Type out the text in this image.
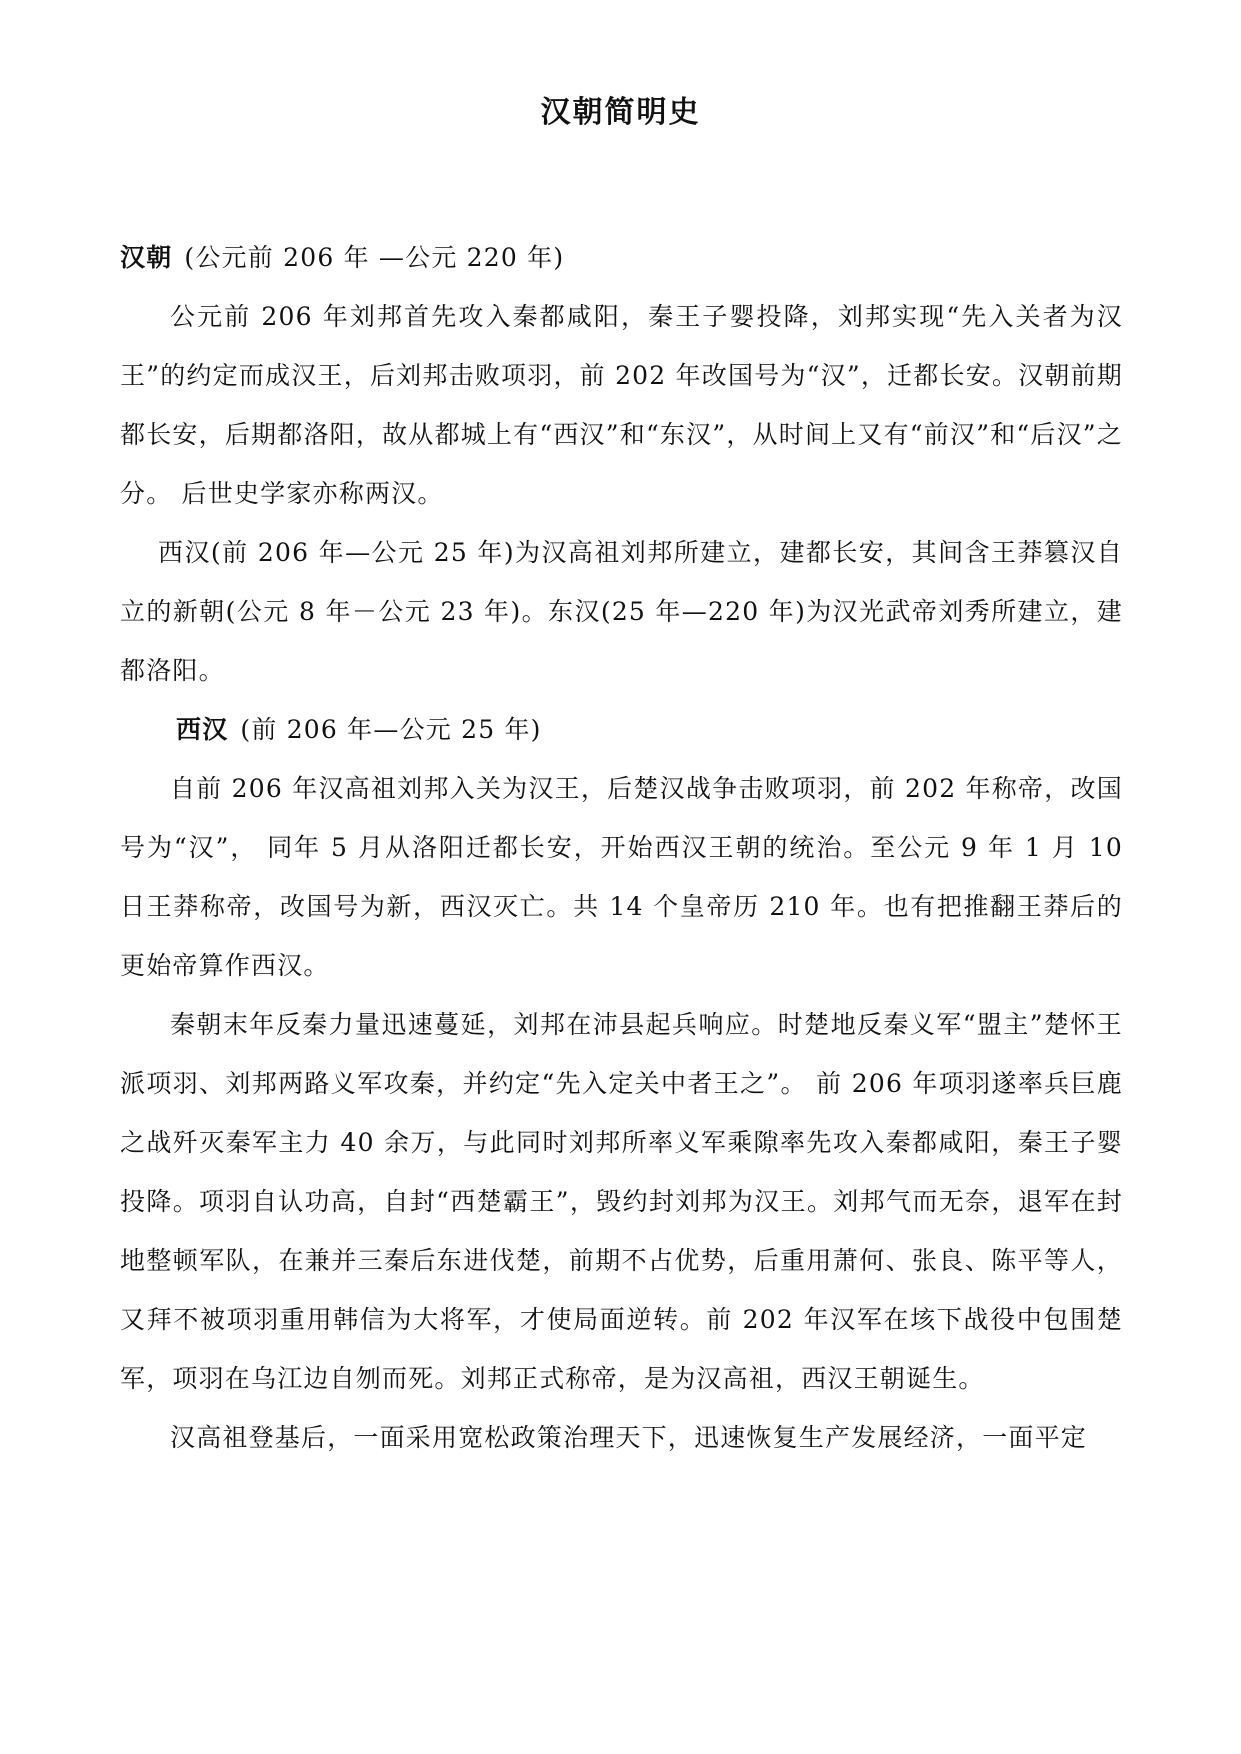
汉朝简明史

汉朝 (公元前 206 年 —公元 220 年)

公元前 206 年刘邦首先攻入秦都咸阳，秦王子婴投降，刘邦实现“先入关者为汉王”的约定而成汉王，后刘邦击败项羽，前 202 年改国号为“汉”，迁都长安。汉朝前期都长安，后期都洛阳，故从都城上有“西汉”和“东汉”，从时间上又有“前汉”和“后汉”之分。 后世史学家亦称两汉。

西汉(前 206 年—公元 25 年)为汉高祖刘邦所建立，建都长安，其间含王莽篡汉自立的新朝(公元 8 年－公元 23 年)。东汉(25 年—220 年)为汉光武帝刘秀所建立，建都洛阳。

西汉 (前 206 年—公元 25 年)

自前 206 年汉高祖刘邦入关为汉王，后楚汉战争击败项羽，前 202 年称帝，改国号为“汉”， 同年 5 月从洛阳迁都长安，开始西汉王朝的统治。至公元 9 年 1 月 10 日王莽称帝，改国号为新，西汉灭亡。共 14 个皇帝历 210 年。也有把推翻王莽后的更始帝算作西汉。

秦朝末年反秦力量迅速蔓延，刘邦在沛县起兵响应。时楚地反秦义军“盟主”楚怀王派项羽、刘邦两路义军攻秦，并约定“先入定关中者王之”。 前 206 年项羽遂率兵巨鹿之战歼灭秦军主力 40 余万，与此同时刘邦所率义军乘隙率先攻入秦都咸阳，秦王子婴投降。项羽自认功高，自封“西楚霸王”，毁约封刘邦为汉王。刘邦气而无奈，退军在封地整顿军队，在兼并三秦后东进伐楚，前期不占优势，后重用萧何、张良、陈平等人，又拜不被项羽重用韩信为大将军，才使局面逆转。前 202 年汉军在垓下战役中包围楚军，项羽在乌江边自刎而死。刘邦正式称帝，是为汉高祖，西汉王朝诞生。

汉高祖登基后，一面采用宽松政策治理天下，迅速恢复生产发展经济，一面平定
